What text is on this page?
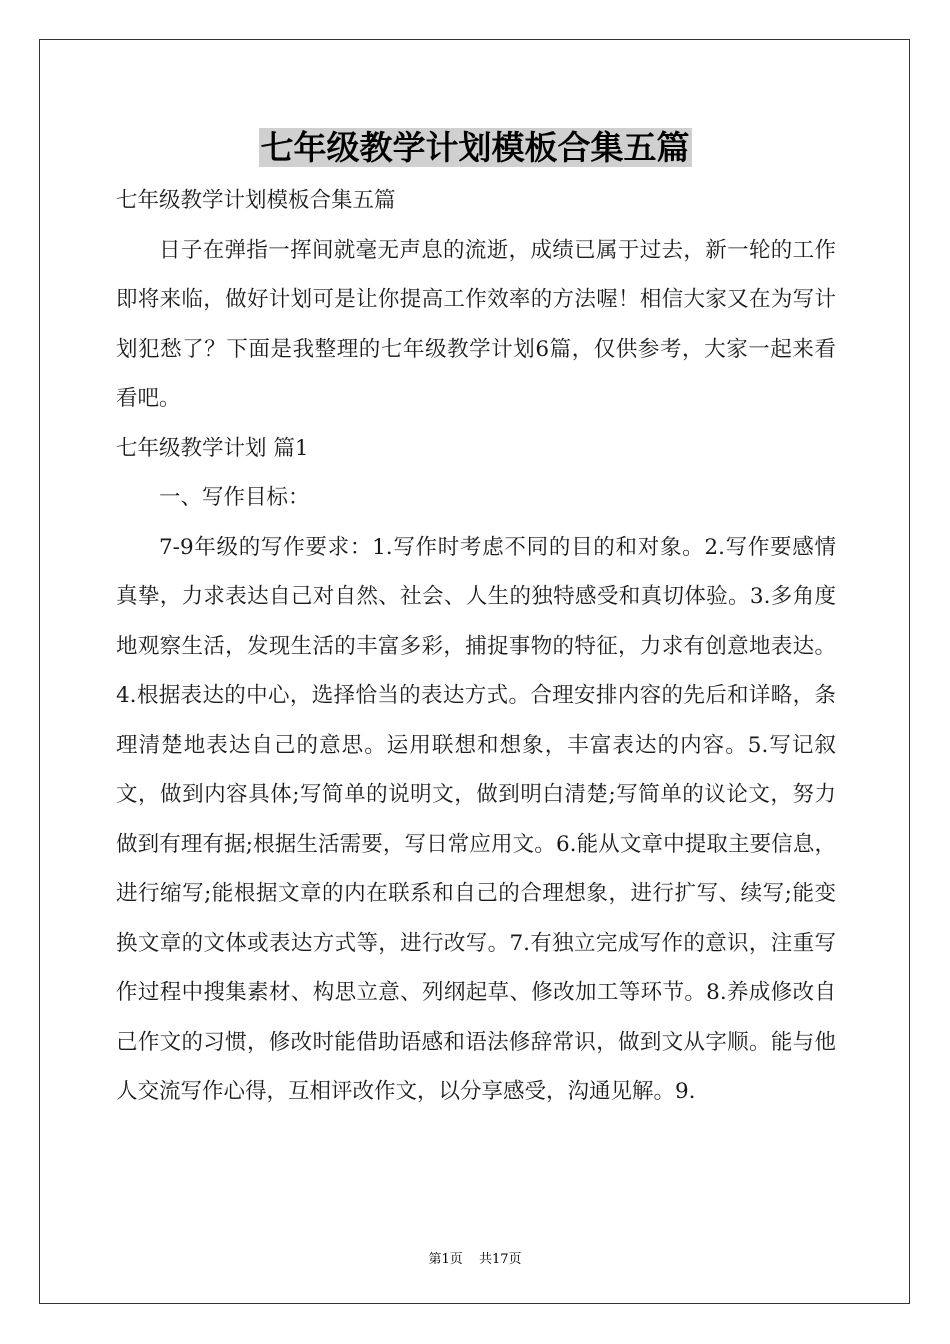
七年级教学计划模板合集五篇

七年级教学计划模板合集五篇

日子在弹指一挥间就毫无声息的流逝，成绩已属于过去，新一轮的工作即将来临，做好计划可是让你提高工作效率的方法喔！相信大家又在为写计划犯愁了？下面是我整理的七年级教学计划6篇，仅供参考，大家一起来看看吧。

七年级教学计划 篇1

一、写作目标：

7-9年级的写作要求：1.写作时考虑不同的目的和对象。2.写作要感情真挚，力求表达自己对自然、社会、人生的独特感受和真切体验。3.多角度地观察生活，发现生活的丰富多彩，捕捉事物的特征，力求有创意地表达。4.根据表达的中心，选择恰当的表达方式。合理安排内容的先后和详略，条理清楚地表达自己的意思。运用联想和想象，丰富表达的内容。5.写记叙文，做到内容具体;写简单的说明文，做到明白清楚;写简单的议论文，努力做到有理有据;根据生活需要，写日常应用文。6.能从文章中提取主要信息，进行缩写;能根据文章的内在联系和自己的合理想象，进行扩写、续写;能变换文章的文体或表达方式等，进行改写。7.有独立完成写作的意识，注重写作过程中搜集素材、构思立意、列纲起草、修改加工等环节。8.养成修改自己作文的习惯，修改时能借助语感和语法修辞常识，做到文从字顺。能与他人交流写作心得，互相评改作文，以分享感受，沟通见解。9.

第1页 共17页
